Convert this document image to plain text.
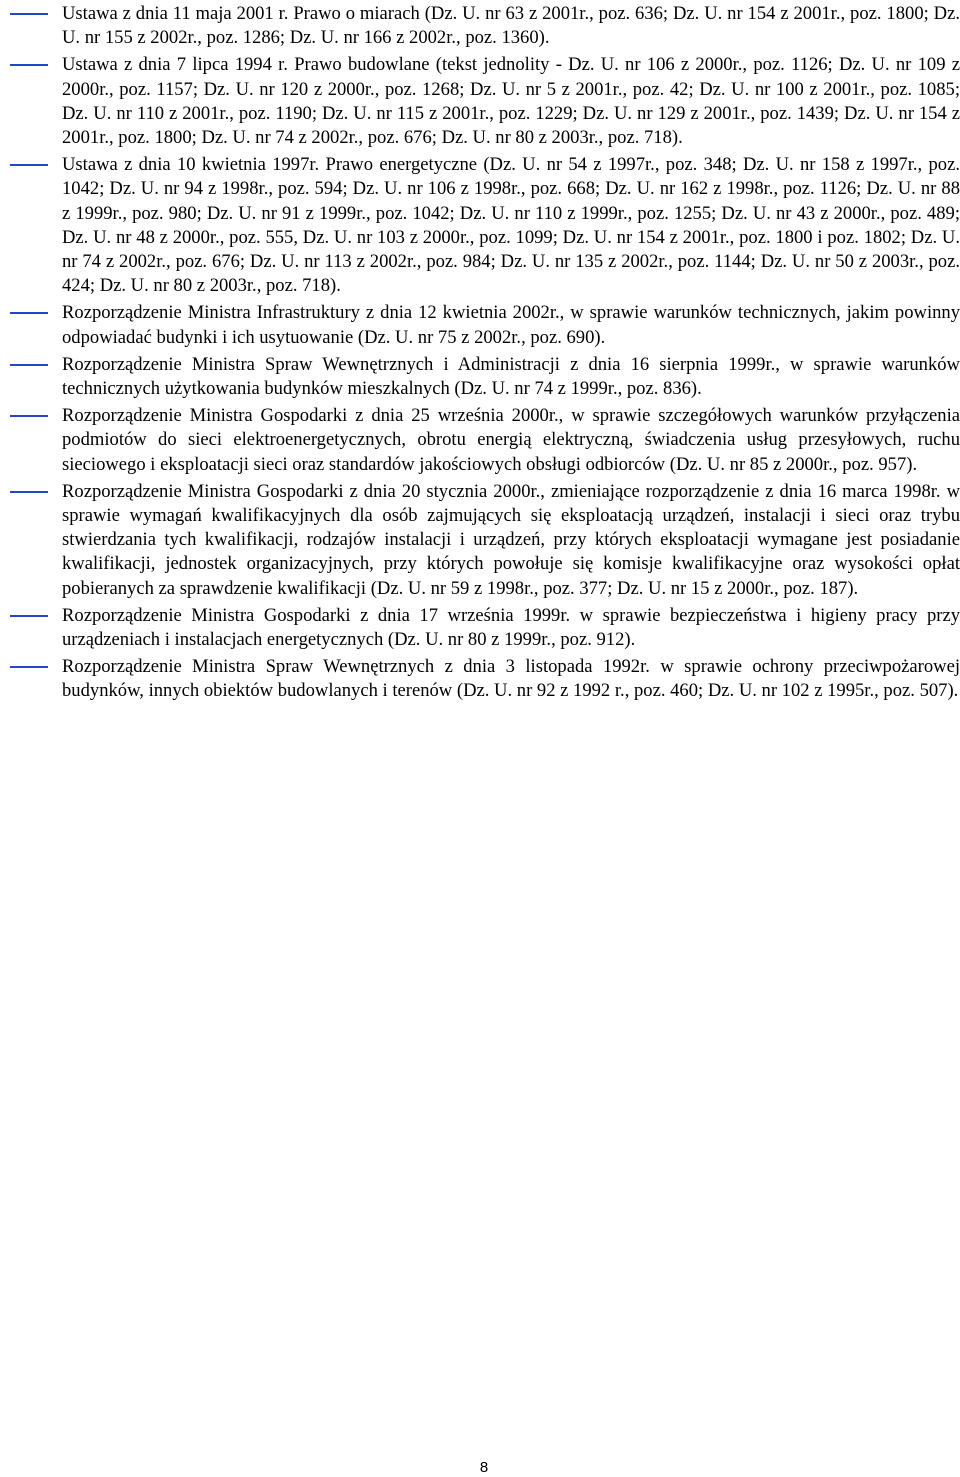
Ustawa z dnia 11 maja 2001 r. Prawo o miarach (Dz. U. nr 63 z 2001r., poz. 636; Dz. U. nr 154 z 2001r., poz. 1800; Dz. U. nr 155 z 2002r., poz. 1286; Dz. U. nr 166 z 2002r., poz. 1360).

Ustawa z dnia 7 lipca 1994 r. Prawo budowlane (tekst jednolity - Dz. U. nr 106 z 2000r., poz. 1126; Dz. U. nr 109 z 2000r., poz. 1157; Dz. U. nr 120 z 2000r., poz. 1268; Dz. U. nr 5 z 2001r., poz. 42; Dz. U. nr 100 z 2001r., poz. 1085; Dz. U. nr 110 z 2001r., poz. 1190; Dz. U. nr 115 z 2001r., poz. 1229; Dz. U. nr 129 z 2001r., poz. 1439; Dz. U. nr 154 z 2001r., poz. 1800; Dz. U. nr 74 z 2002r., poz. 676; Dz. U. nr 80 z 2003r., poz. 718).

Ustawa z dnia 10 kwietnia 1997r. Prawo energetyczne (Dz. U. nr 54 z 1997r., poz. 348; Dz. U. nr 158 z 1997r., poz. 1042; Dz. U. nr 94 z 1998r., poz. 594; Dz. U. nr 106 z 1998r., poz. 668; Dz. U. nr 162 z 1998r., poz. 1126; Dz. U. nr 88 z 1999r., poz. 980; Dz. U. nr 91 z 1999r., poz. 1042; Dz. U. nr 110 z 1999r., poz. 1255; Dz. U. nr 43 z 2000r., poz. 489; Dz. U. nr 48 z 2000r., poz. 555, Dz. U. nr 103 z 2000r., poz. 1099; Dz. U. nr 154 z 2001r., poz. 1800 i poz. 1802; Dz. U. nr 74 z 2002r., poz. 676; Dz. U. nr 113 z 2002r., poz. 984; Dz. U. nr 135 z 2002r., poz. 1144; Dz. U. nr 50 z 2003r., poz. 424; Dz. U. nr 80 z 2003r., poz. 718).

Rozporządzenie Ministra Infrastruktury z dnia 12 kwietnia 2002r., w sprawie warunków technicznych, jakim powinny odpowiadać budynki i ich usytuowanie (Dz. U. nr 75 z 2002r., poz. 690).

Rozporządzenie Ministra Spraw Wewnętrznych i Administracji z dnia 16 sierpnia 1999r., w sprawie warunków technicznych użytkowania budynków mieszkalnych (Dz. U. nr 74 z 1999r., poz. 836).

Rozporządzenie Ministra Gospodarki z dnia 25 września 2000r., w sprawie szczegółowych warunków przyłączenia podmiotów do sieci elektroenergetycznych, obrotu energią elektryczną, świadczenia usług przesyłowych, ruchu sieciowego i eksploatacji sieci oraz standardów jakościowych obsługi odbiorców (Dz. U. nr 85 z 2000r., poz. 957).

Rozporządzenie Ministra Gospodarki z dnia 20 stycznia 2000r., zmieniające rozporządzenie z dnia 16 marca 1998r. w sprawie wymagań kwalifikacyjnych dla osób zajmujących się eksploatacją urządzeń, instalacji i sieci oraz trybu stwierdzania tych kwalifikacji, rodzajów instalacji i urządzeń, przy których eksploatacji wymagane jest posiadanie kwalifikacji, jednostek organizacyjnych, przy których powołuje się komisje kwalifikacyjne oraz wysokości opłat pobieranych za sprawdzenie kwalifikacji (Dz. U. nr 59 z 1998r., poz. 377; Dz. U. nr 15 z 2000r., poz. 187).

Rozporządzenie Ministra Gospodarki z dnia 17 września 1999r. w sprawie bezpieczeństwa i higieny pracy przy urządzeniach i instalacjach energetycznych (Dz. U. nr 80 z 1999r., poz. 912).

Rozporządzenie Ministra Spraw Wewnętrznych z dnia 3 listopada 1992r. w sprawie ochrony przeciwpożarowej budynków, innych obiektów budowlanych i terenów (Dz. U. nr 92 z 1992 r., poz. 460; Dz. U. nr 102 z 1995r., poz. 507).

8
